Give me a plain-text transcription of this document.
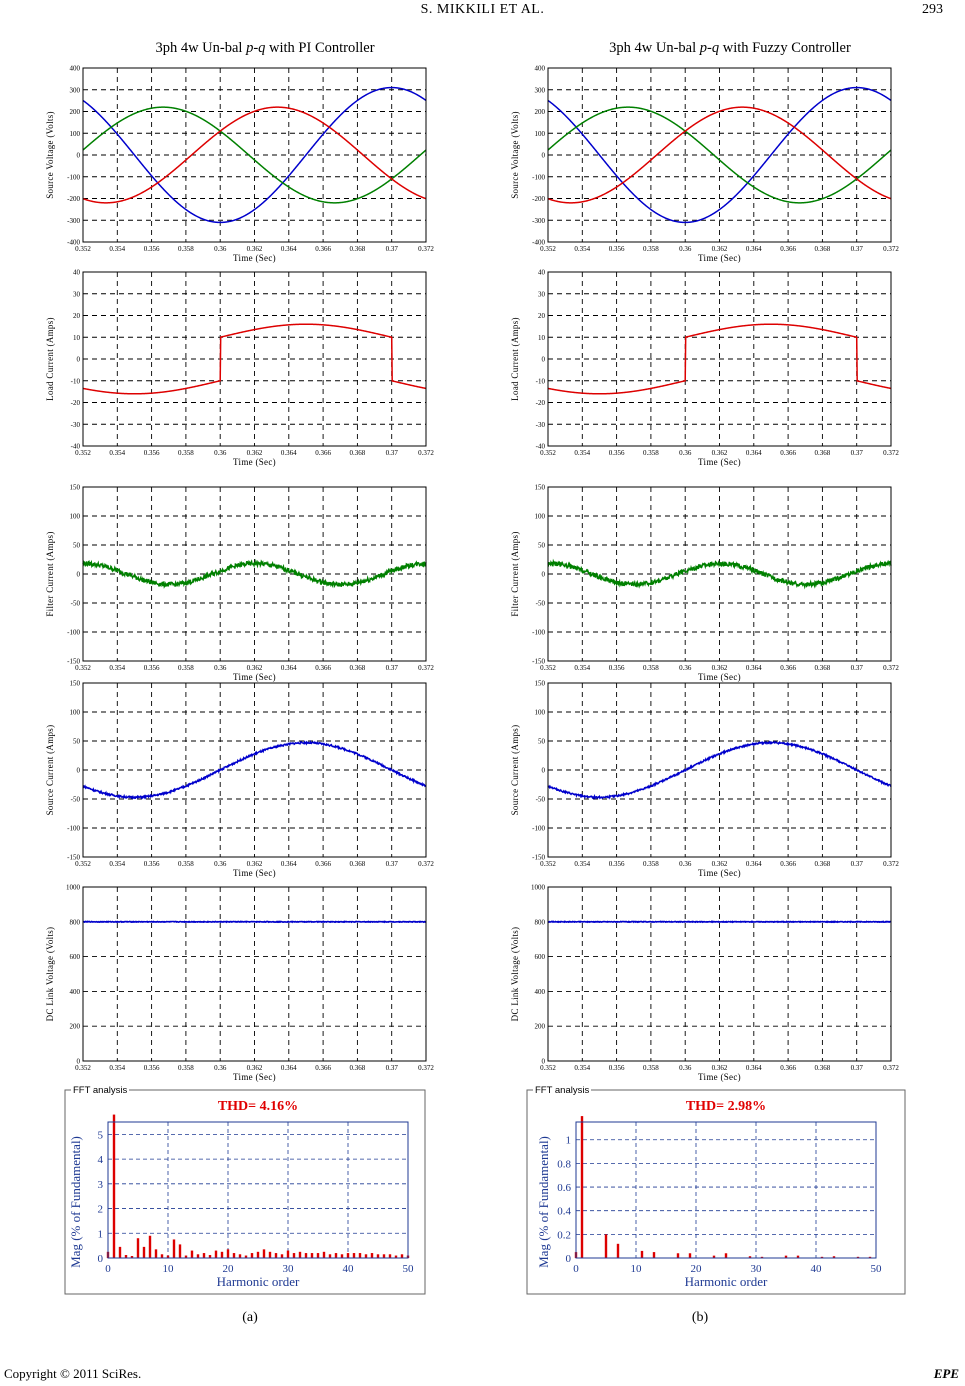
S. MIKKILI ET AL.	293
3ph 4w Un-bal p-q with PI Controller	3ph 4w Un-bal p-q with Fuzzy Controller
0.352	0.354	0.356	0.358	0.36	0.362	0.364	0.366	0.368	0.37	0.372
-400
-300
-200
-100
0
100
200
300
400
Time (Sec)
Source Voltage (Volts)
0.352	0.354	0.356	0.358	0.36	0.362	0.364	0.366	0.368	0.37	0.372
-400
-300
-200
-100
0
100
200
300
400
Time (Sec)
Source Voltage (Volts)
0.352	0.354	0.356	0.358	0.36	0.362	0.364	0.366	0.368	0.37	0.372
-40
-30
-20
-10
0
10
20
30
40
Time (Sec)
Load Current (Amps)
0.352	0.354	0.356	0.358	0.36	0.362	0.364	0.366	0.368	0.37	0.372
-40
-30
-20
-10
0
10
20
30
40
Time (Sec)
Load Current (Amps)
0.352	0.354	0.356	0.358	0.36	0.362	0.364	0.366	0.368	0.37	0.372
-150
-100
-50
0
50
100
150
Time (Sec)
Filter Current (Amps)
0.352	0.354	0.356	0.358	0.36	0.362	0.364	0.366	0.368	0.37	0.372
-150
-100
-50
0
50
100
150
Time (Sec)
Filter Current (Amps)
0.352	0.354	0.356	0.358	0.36	0.362	0.364	0.366	0.368	0.37	0.372
-150
-100
-50
0
50
100
150
Time (Sec)
Source Current (Amps)
0.352	0.354	0.356	0.358	0.36	0.362	0.364	0.366	0.368	0.37	0.372
-150
-100
-50
0
50
100
150
Time (Sec)
Source Current (Amps)
0.352	0.354	0.356	0.358	0.36	0.362	0.364	0.366	0.368	0.37	0.372
0
200
400
600
800
1000
Time (Sec)
DC Link Voltage (Volts)
0.352	0.354	0.356	0.358	0.36	0.362	0.364	0.366	0.368	0.37	0.372
0
200
400
600
800
1000
Time (Sec)
DC Link Voltage (Volts)
FFT analysis
0
1
2
3
4
5
0	10	20	30	40	50
THD= 4.16%
Harmonic order
Mag (% of Fundamental)
FFT analysis
0
0.2
0.4
0.6
0.8
1
0	10	20	30	40	50
THD= 2.98%
Harmonic order
Mag (% of Fundamental)
(a)	(b)
Copyright © 2011 SciRes.	EPE
